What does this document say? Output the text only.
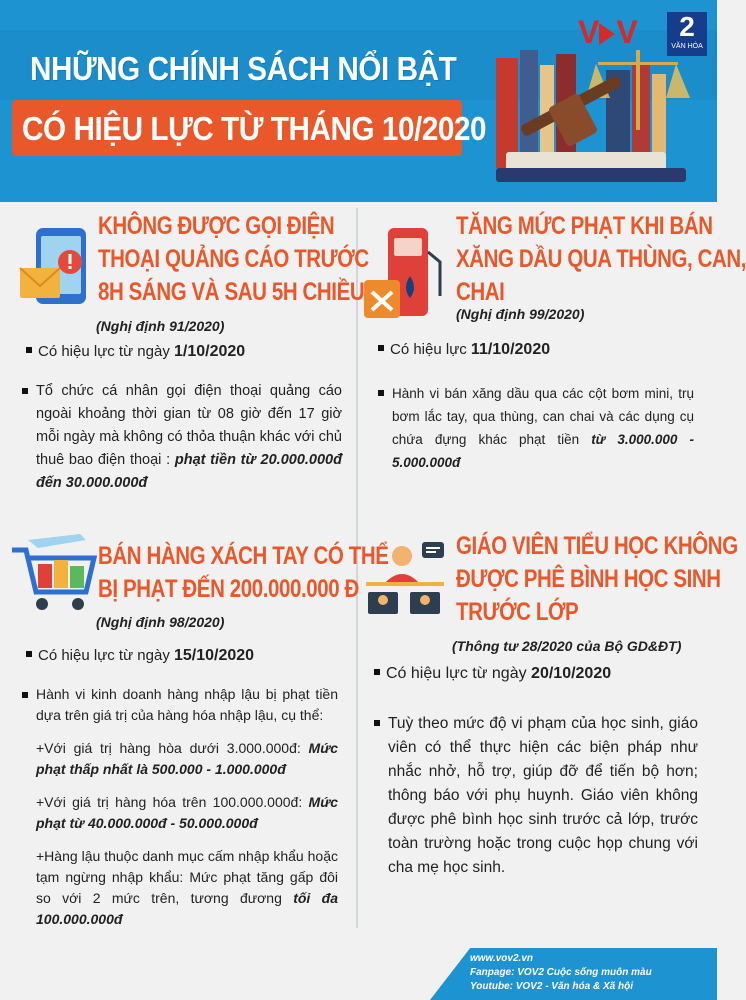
NHỮNG CHÍNH SÁCH NỔI BẬT
CÓ HIỆU LỰC TỪ THÁNG 10/2020
V V	2
VĂN HÓA
KHÔNG ĐƯỢC GỌI ĐIỆN
THOẠI QUẢNG CÁO TRƯỚC
8H SÁNG VÀ SAU 5H CHIỀU
(Nghị định 91/2020)
Có hiệu lực từ ngày 1/10/2020
Tổ chức cá nhân gọi điện thoại quảng cáo ngoài khoảng thời gian từ 08 giờ đến 17 giờ mỗi ngày mà không có thỏa thuận khác với chủ thuê bao điện thoại : phạt tiền từ 20.000.000đ đến 30.000.000đ
TĂNG MỨC PHẠT KHI BÁN
XĂNG DẦU QUA THÙNG, CAN,
CHAI
(Nghị định 99/2020)
Có hiệu lực 11/10/2020
Hành vi bán xăng dầu qua các cột bơm mini, trụ bơm lắc tay, qua thùng, can chai và các dụng cụ chứa đựng khác phạt tiền từ 3.000.000 - 5.000.000đ
BÁN HÀNG XÁCH TAY CÓ THỂ
BỊ PHẠT ĐẾN 200.000.000 Đ
(Nghị định 98/2020)
Có hiệu lực từ ngày 15/10/2020

Hành vi kinh doanh hàng nhập lậu bị phạt tiền dựa trên giá trị của hàng hóa nhập lậu, cụ thể:

+Với giá trị hàng hòa dưới 3.000.000đ: Mức phạt thấp nhất là 500.000 - 1.000.000đ

+Với giá trị hàng hóa trên 100.000.000đ: Mức phạt từ 40.000.000đ - 50.000.000đ

+Hàng lậu thuộc danh mục cấm nhập khẩu hoặc tạm ngừng nhập khẩu: Mức phạt tăng gấp đôi so với 2 mức trên, tương đương tối đa 100.000.000đ

GIÁO VIÊN TIỂU HỌC KHÔNG
ĐƯỢC PHÊ BÌNH HỌC SINH
TRƯỚC LỚP
(Thông tư 28/2020 của Bộ GD&ĐT)
Có hiệu lực từ ngày 20/10/2020
Tuỳ theo mức độ vi phạm của học sinh, giáo viên có thể thực hiện các biện pháp như nhắc nhở, hỗ trợ, giúp đỡ để tiến bộ hơn; thông báo với phụ huynh. Giáo viên không được phê bình học sinh trước cả lớp, trước toàn trường hoặc trong cuộc họp chung với cha mẹ học sinh.
www.vov2.vn
Fanpage: VOV2 Cuộc sống muôn màu
Youtube: VOV2 - Văn hóa & Xã hội
